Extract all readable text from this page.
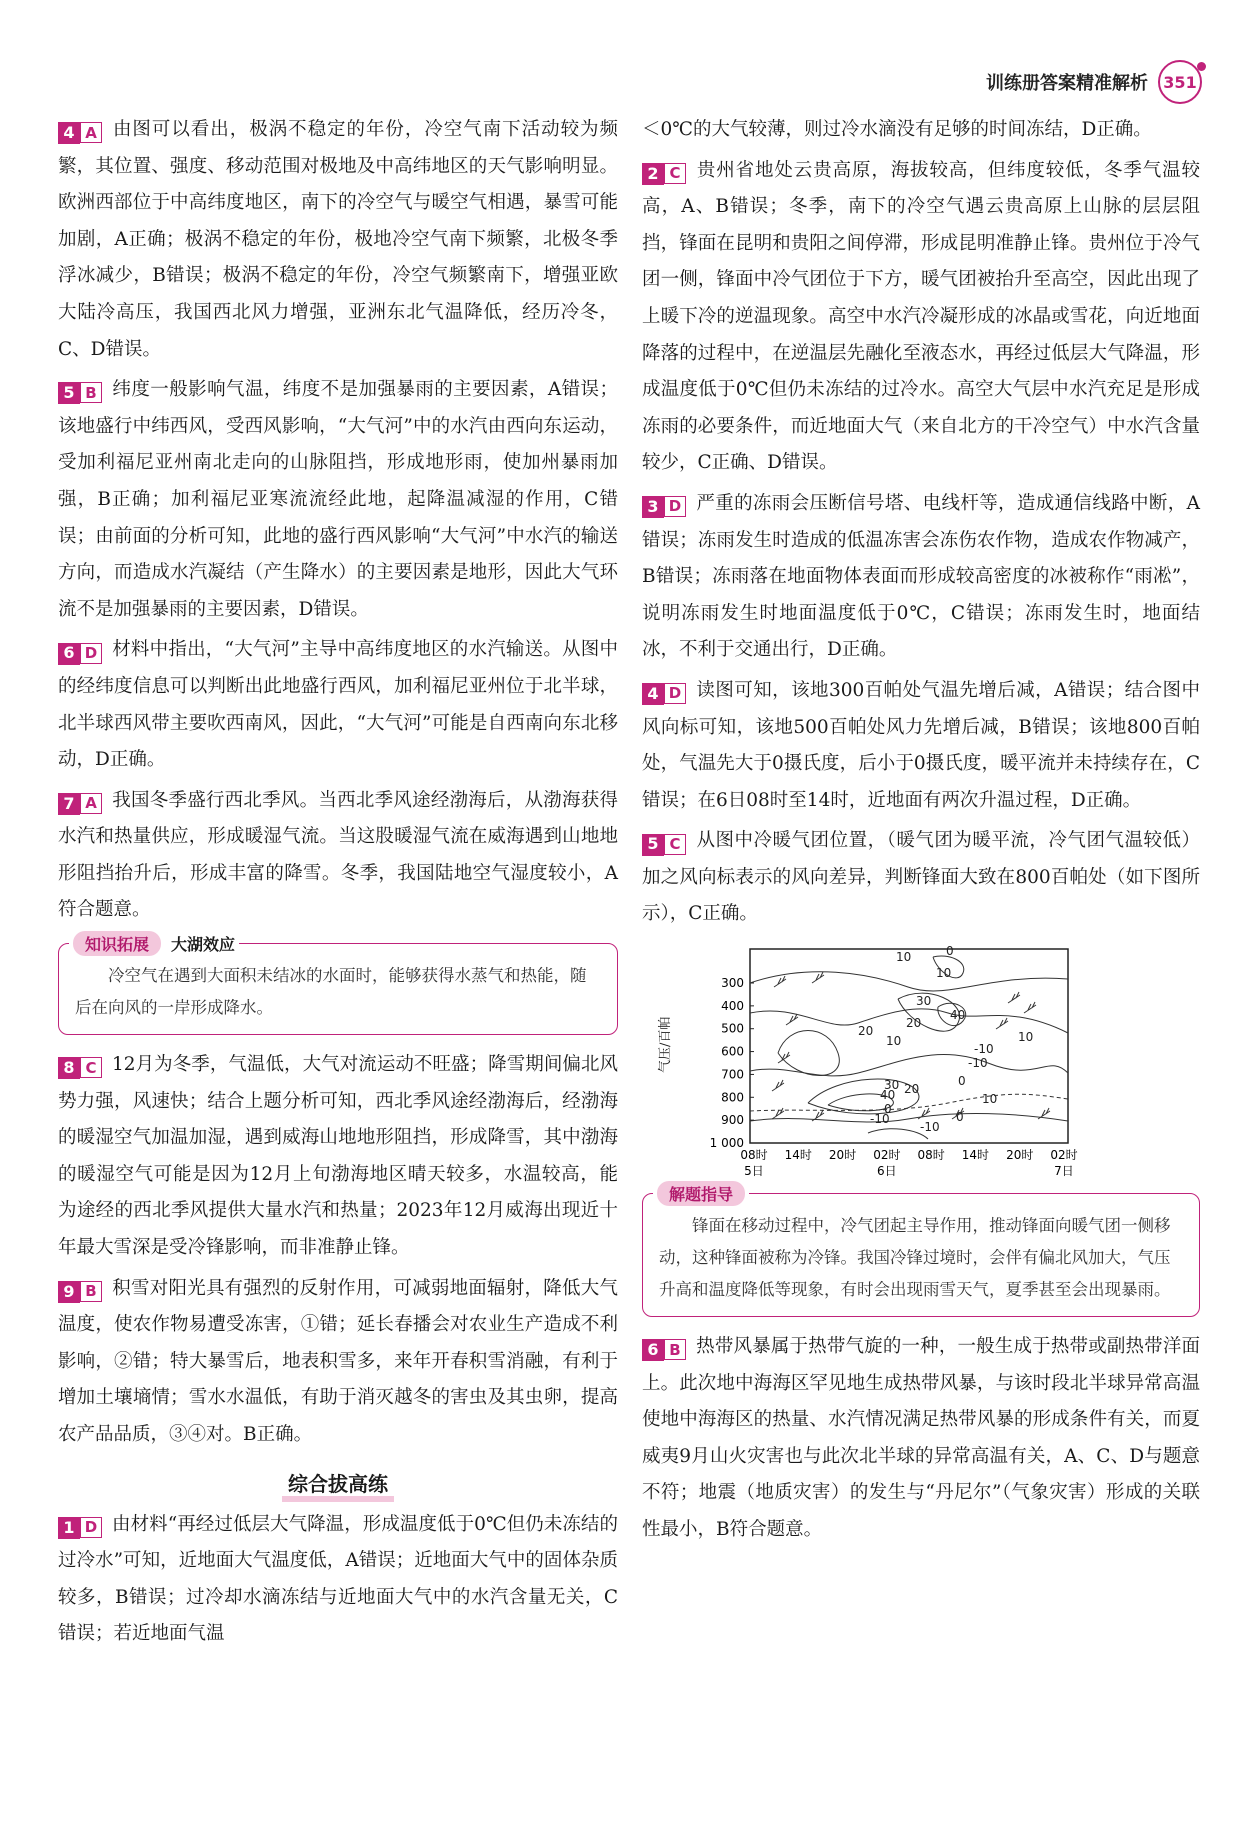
训练册答案精准解析 351

4 A 由图可以看出，极涡不稳定的年份，冷空气南下活动较为频繁，其位置、强度、移动范围对极地及中高纬地区的天气影响明显。欧洲西部位于中高纬度地区，南下的冷空气与暖空气相遇，暴雪可能加剧，A正确；极涡不稳定的年份，极地冷空气南下频繁，北极冬季浮冰减少，B错误；极涡不稳定的年份，冷空气频繁南下，增强亚欧大陆冷高压，我国西北风力增强，亚洲东北气温降低，经历冷冬，C、D错误。

5 B 纬度一般影响气温，纬度不是加强暴雨的主要因素，A错误；该地盛行中纬西风，受西风影响，“大气河”中的水汽由西向东运动，受加利福尼亚州南北走向的山脉阻挡，形成地形雨，使加州暴雨加强，B正确；加利福尼亚寒流流经此地，起降温减湿的作用，C错误；由前面的分析可知，此地的盛行西风影响“大气河”中水汽的输送方向，而造成水汽凝结（产生降水）的主要因素是地形，因此大气环流不是加强暴雨的主要因素，D错误。

6 D 材料中指出，“大气河”主导中高纬度地区的水汽输送。从图中的经纬度信息可以判断出此地盛行西风，加利福尼亚州位于北半球，北半球西风带主要吹西南风，因此，“大气河”可能是自西南向东北移动，D正确。

7 A 我国冬季盛行西北季风。当西北季风途经渤海后，从渤海获得水汽和热量供应，形成暖湿气流。当这股暖湿气流在威海遇到山地地形阻挡抬升后，形成丰富的降雪。冬季，我国陆地空气湿度较小，A符合题意。

知识拓展	大湖效应

冷空气在遇到大面积未结冰的水面时，能够获得水蒸气和热能，随后在向风的一岸形成降水。

8 C 12月为冬季，气温低，大气对流运动不旺盛；降雪期间偏北风势力强，风速快；结合上题分析可知，西北季风途经渤海后，经渤海的暖湿空气加温加湿，遇到威海山地地形阻挡，形成降雪，其中渤海的暖湿空气可能是因为12月上旬渤海地区晴天较多，水温较高，能为途经的西北季风提供大量水汽和热量；2023年12月威海出现近十年最大雪深是受冷锋影响，而非准静止锋。

9 B 积雪对阳光具有强烈的反射作用，可减弱地面辐射，降低大气温度，使农作物易遭受冻害，①错；延长春播会对农业生产造成不利影响，②错；特大暴雪后，地表积雪多，来年开春积雪消融，有利于增加土壤墒情；雪水水温低，有助于消灭越冬的害虫及其虫卵，提高农产品品质，③④对。B正确。

综合拔高练

1 D 由材料“再经过低层大气降温，形成温度低于0℃但仍未冻结的过冷水”可知，近地面大气温度低，A错误；近地面大气中的固体杂质较多，B错误；过冷却水滴冻结与近地面大气中的水汽含量无关，C错误；若近地面气温

＜0℃的大气较薄，则过冷水滴没有足够的时间冻结，D正确。

2 C 贵州省地处云贵高原，海拔较高，但纬度较低，冬季气温较高，A、B错误；冬季，南下的冷空气遇云贵高原上山脉的层层阻挡，锋面在昆明和贵阳之间停滞，形成昆明准静止锋。贵州位于冷气团一侧，锋面中冷气团位于下方，暖气团被抬升至高空，因此出现了上暖下冷的逆温现象。高空中水汽冷凝形成的冰晶或雪花，向近地面降落的过程中，在逆温层先融化至液态水，再经过低层大气降温，形成温度低于0℃但仍未冻结的过冷水。高空大气层中水汽充足是形成冻雨的必要条件，而近地面大气（来自北方的干冷空气）中水汽含量较少，C正确、D错误。

3 D 严重的冻雨会压断信号塔、电线杆等，造成通信线路中断，A错误；冻雨发生时造成的低温冻害会冻伤农作物，造成农作物减产，B错误；冻雨落在地面物体表面而形成较高密度的冰被称作“雨凇”，说明冻雨发生时地面温度低于0℃，C错误；冻雨发生时，地面结冰，不利于交通出行，D正确。

4 D 读图可知，该地300百帕处气温先增后减，A错误；结合图中风向标可知，该地500百帕处风力先增后减，B错误；该地800百帕处，气温先大于0摄氏度，后小于0摄氏度，暖平流并未持续存在，C错误；在6日08时至14时，近地面有两次升温过程，D正确。

5 C 从图中冷暖气团位置，（暖气团为暖平流，冷气团气温较低）加之风向标表示的风向差异，判断锋面大致在800百帕处（如下图所示），C正确。

气压/百帕
300
400
500
600
700
800
900
1 000
08时 14时 20时 02时 08时 14时 20时 02时
5日	6日	7日
10	0
10
30
40
10
20
20
10
-10
-10
30
40 20
0
0
-10
-10	0
10
解题指导

锋面在移动过程中，冷气团起主导作用，推动锋面向暖气团一侧移动，这种锋面被称为冷锋。我国冷锋过境时，会伴有偏北风加大，气压升高和温度降低等现象，有时会出现雨雪天气，夏季甚至会出现暴雨。

6 B 热带风暴属于热带气旋的一种，一般生成于热带或副热带洋面上。此次地中海海区罕见地生成热带风暴，与该时段北半球异常高温使地中海海区的热量、水汽情况满足热带风暴的形成条件有关，而夏威夷9月山火灾害也与此次北半球的异常高温有关，A、C、D与题意不符；地震（地质灾害）的发生与“丹尼尔”（气象灾害）形成的关联性最小，B符合题意。
